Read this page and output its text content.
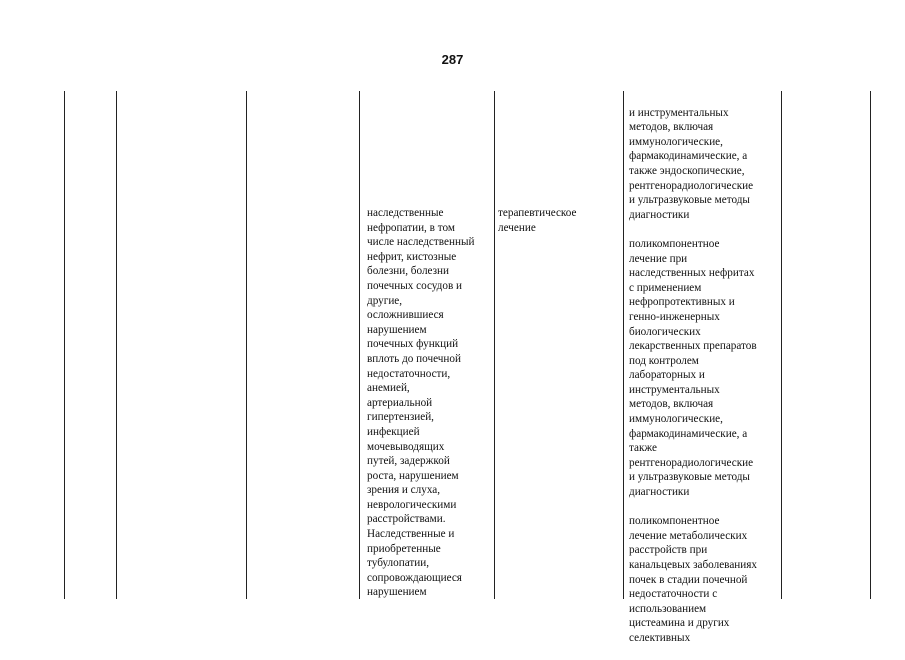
287
наследственные
нефропатии, в том
числе наследственный
нефрит, кистозные
болезни, болезни
почечных сосудов и
другие,
осложнившиеся
нарушением
почечных функций
вплоть до почечной
недостаточности,
анемией,
артериальной
гипертензией,
инфекцией
мочевыводящих
путей, задержкой
роста, нарушением
зрения и слуха,
неврологическими
расстройствами.
Наследственные и
приобретенные
тубулопатии,
сопровождающиеся
нарушением
терапевтическое
лечение

и инструментальных
методов, включая
иммунологические,
фармакодинамические, а
также эндоскопические,
рентгенорадиологические
и ультразвуковые методы
диагностики

поликомпонентное
лечение при
наследственных нефритах
с применением
нефропротективных и
генно-инженерных
биологических
лекарственных препаратов
под контролем
лабораторных и
инструментальных
методов, включая
иммунологические,
фармакодинамические, а
также
рентгенорадиологические
и ультразвуковые методы
диагностики

поликомпонентное
лечение метаболических
расстройств при
канальцевых заболеваниях
почек в стадии почечной
недостаточности с
использованием
цистеамина и других
селективных
